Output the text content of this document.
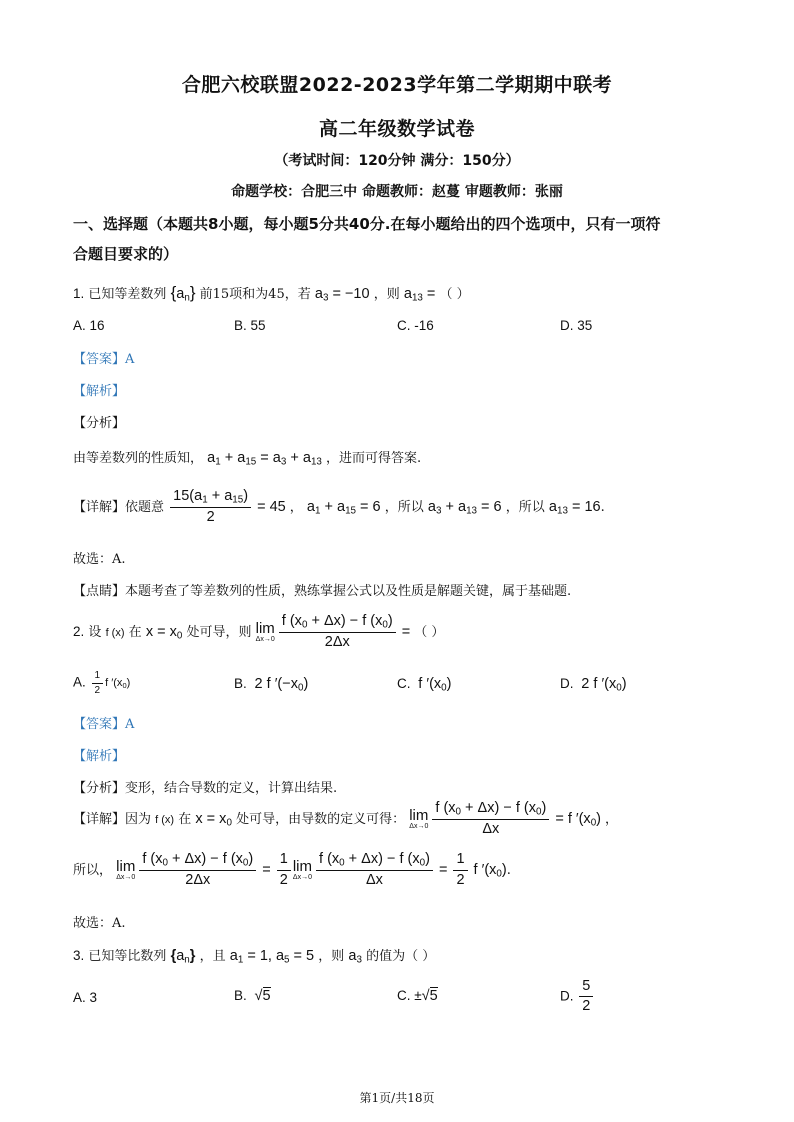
合肥六校联盟2022-2023学年第二学期期中联考
高二年级数学试卷
（考试时间：120分钟 满分：150分）
命题学校：合肥三中 命题教师：赵蔓 审题教师：张丽
一、选择题（本题共8小题，每小题5分共40分.在每小题给出的四个选项中，只有一项符
合题目要求的）
1. 已知等差数列 $\{a_n\}$ 前15项和为45，若 $a_3 = -10$ ，则 $a_{13}$ = （ ）
A. 16	B. 55	C. -16	D. 35
【答案】A
【解析】
【分析】
由等差数列的性质知， $a_1 + a_{15} = a_3 + a_{13}$ ，进而可得答案.
【详解】依题意 $\frac{15(a_1 + a_{15})}{2} = 45$ ， $a_1 + a_{15} = 6$ ，所以 $a_3 + a_{13} = 6$ ，所以 $a_{13} = 16$.
故选：A.
【点睛】本题考查了等差数列的性质，熟练掌握公式以及性质是解题关键，属于基础题.
2. 设 f (x) 在 $x = x_0$ 处可导，则 lim
$\Delta x\to 0 \frac{f (x_0 + \Delta x) - f (x_0)}{2\Delta x}$ = （ ）
A. $\frac{1}{2}$ f $'(x_0)$	B.  2 f $'(-x_0)$	C.  f $'(x_0)$	D.  2 f $'(x_0)$
【答案】A
【解析】
【分析】变形，结合导数的定义，计算出结果.
【详解】因为 f (x) 在 $x = x_0$ 处可导，由导数的定义可得： lim
$\Delta x\to 0 \frac{f (x_0 + \Delta x) - f (x_0)}{\Delta x} = f$ $'(x_0)$ ，
所以， lim
$\Delta x\to 0 \frac{f (x_0 + \Delta x) - f (x_0)}{2\Delta x} = \frac{1}{2}$ lim
$\Delta x\to 0 \frac{f (x_0 + \Delta x) - f (x_0)}{\Delta x} = \frac{1}{2}$ f $'(x_0)$.
故选：A.
3. 已知等比数列 $\{a_n\}$ ，且 $a_1 = 1$, $a_5 = 5$ ，则 $a_3$ 的值为（ ）
A. 3	B.  √5	C. ±√5	D. $\frac{5}{2}$
第1页/共18页
